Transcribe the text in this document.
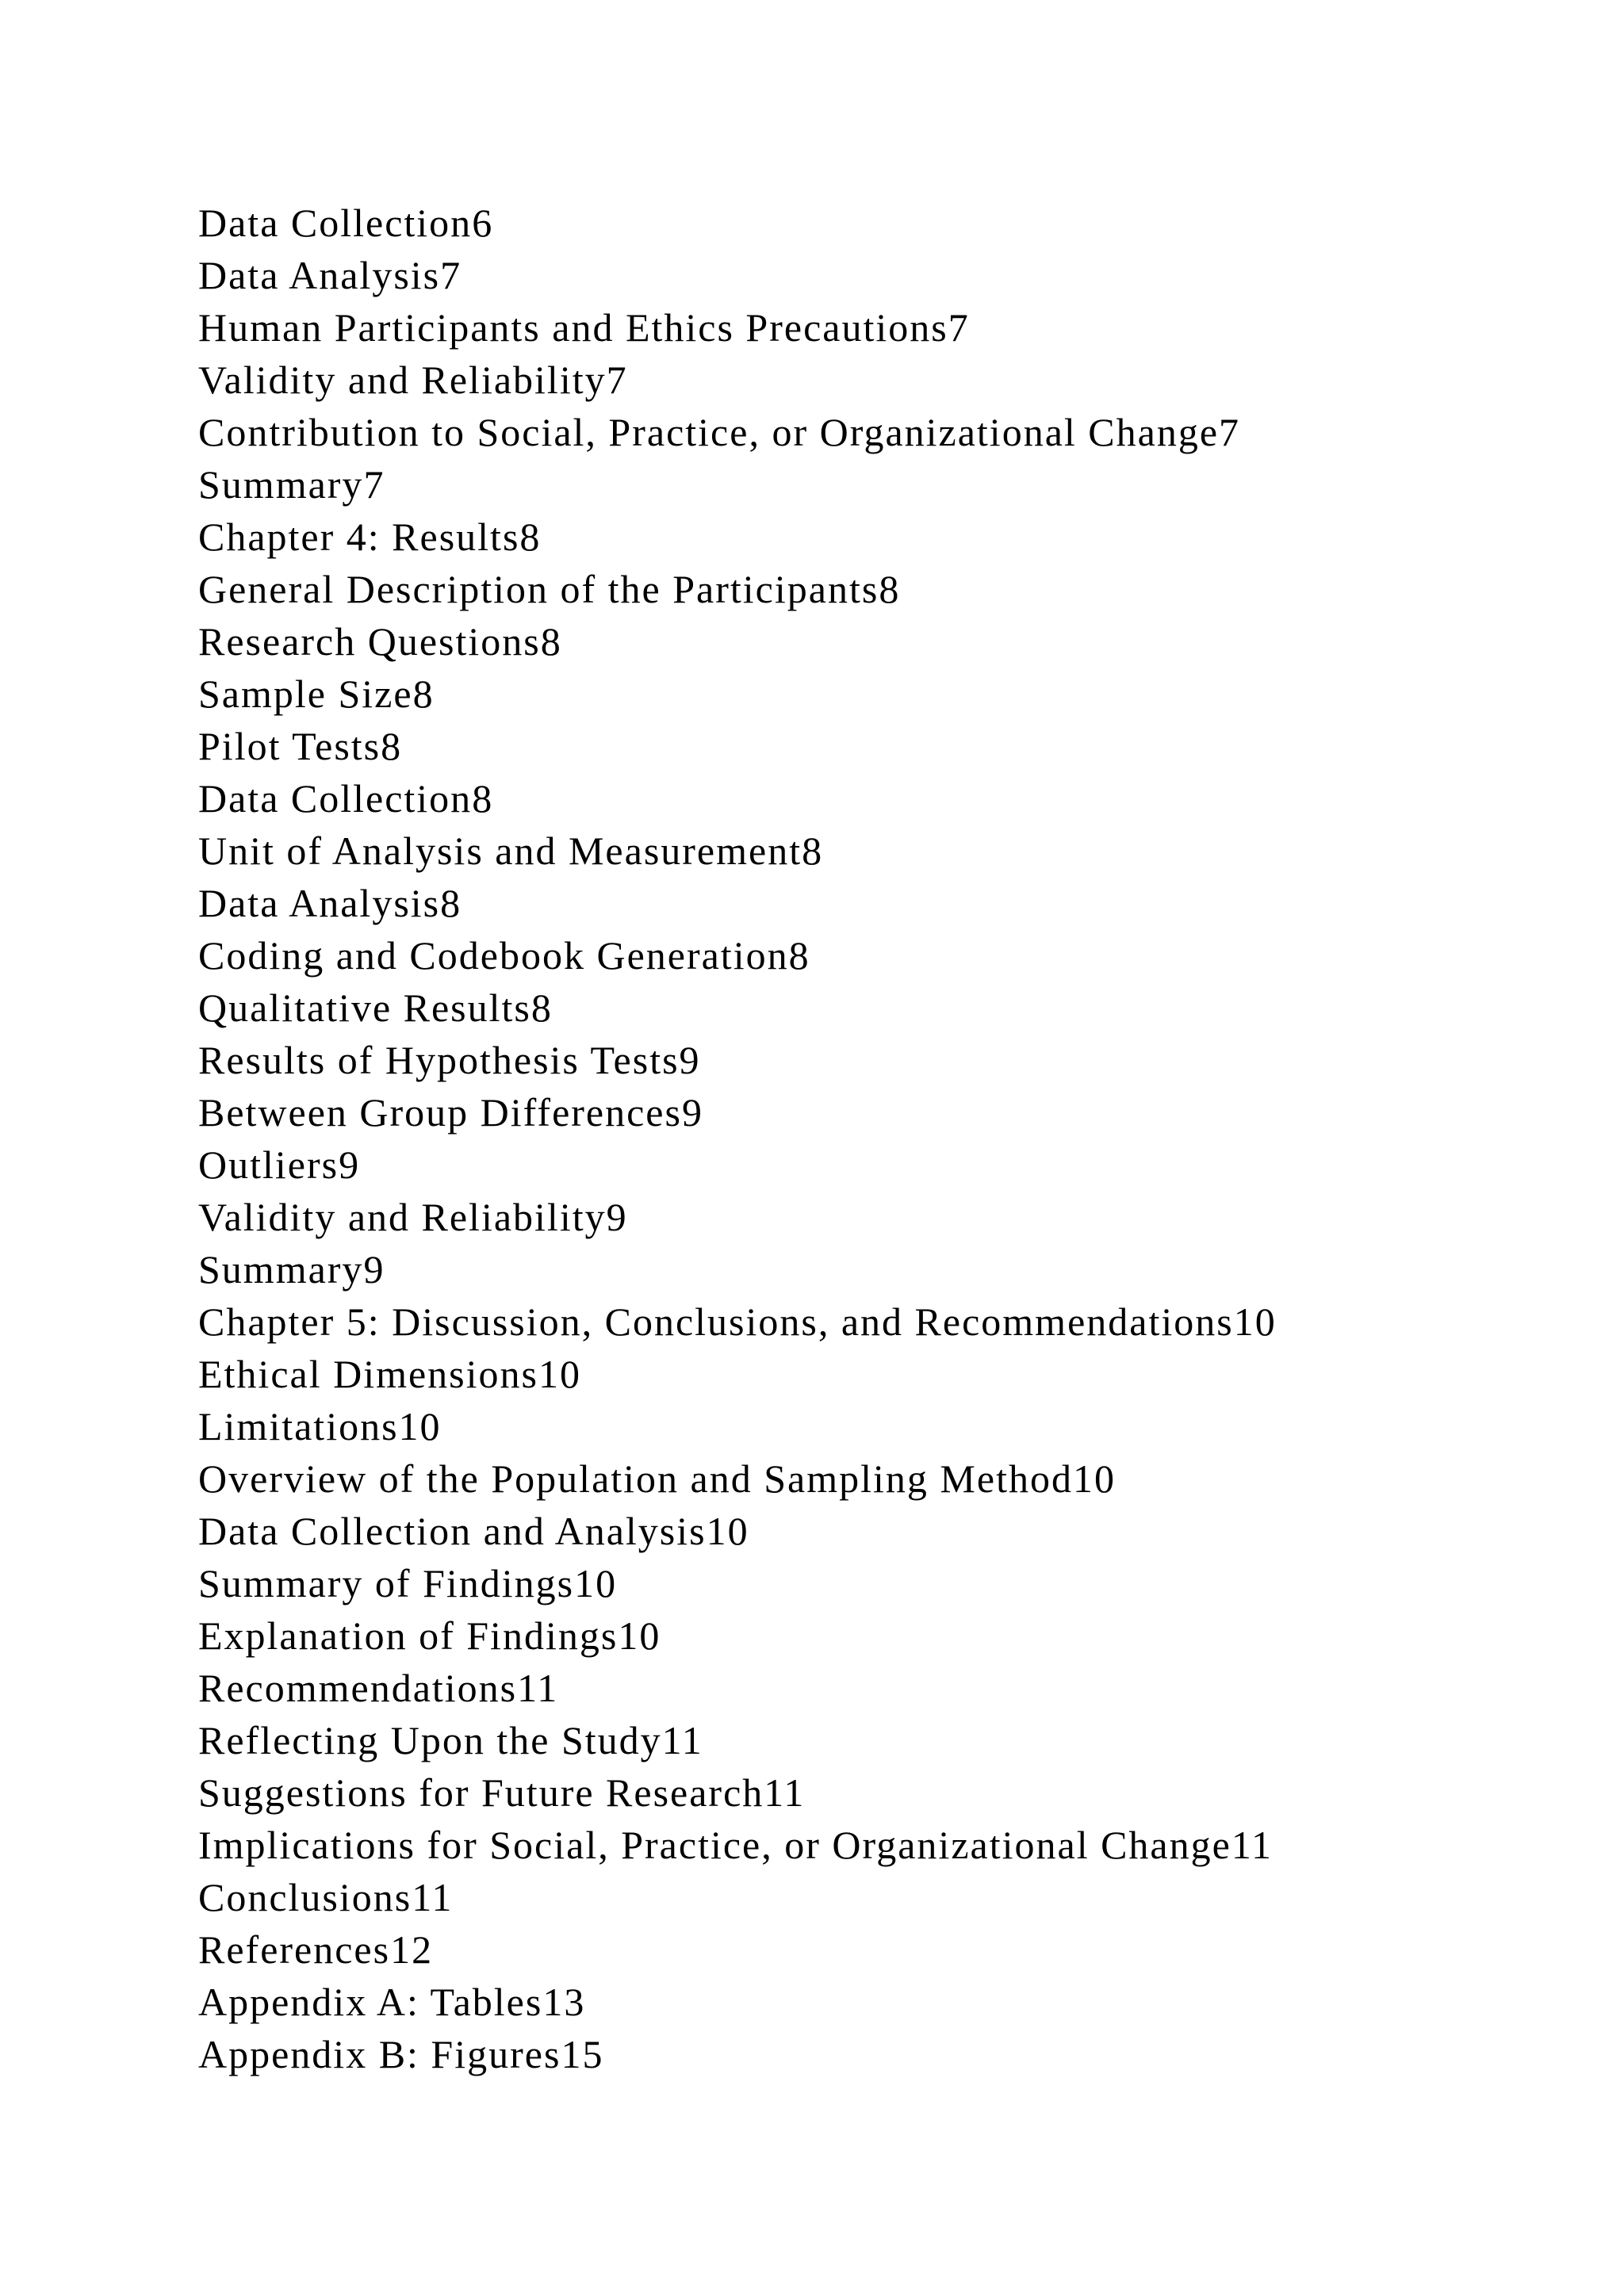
Data Collection6
Data Analysis7
Human Participants and Ethics Precautions7
Validity and Reliability7
Contribution to Social, Practice, or Organizational Change7
Summary7
Chapter 4: Results8
General Description of the Participants8
Research Questions8
Sample Size8
Pilot Tests8
Data Collection8
Unit of Analysis and Measurement8
Data Analysis8
Coding and Codebook Generation8
Qualitative Results8
Results of Hypothesis Tests9
Between Group Differences9
Outliers9
Validity and Reliability9
Summary9
Chapter 5: Discussion, Conclusions, and Recommendations10
Ethical Dimensions10
Limitations10
Overview of the Population and Sampling Method10
Data Collection and Analysis10
Summary of Findings10
Explanation of Findings10
Recommendations11
Reflecting Upon the Study11
Suggestions for Future Research11
Implications for Social, Practice, or Organizational Change11
Conclusions11
References12
Appendix A: Tables13
Appendix B: Figures15
